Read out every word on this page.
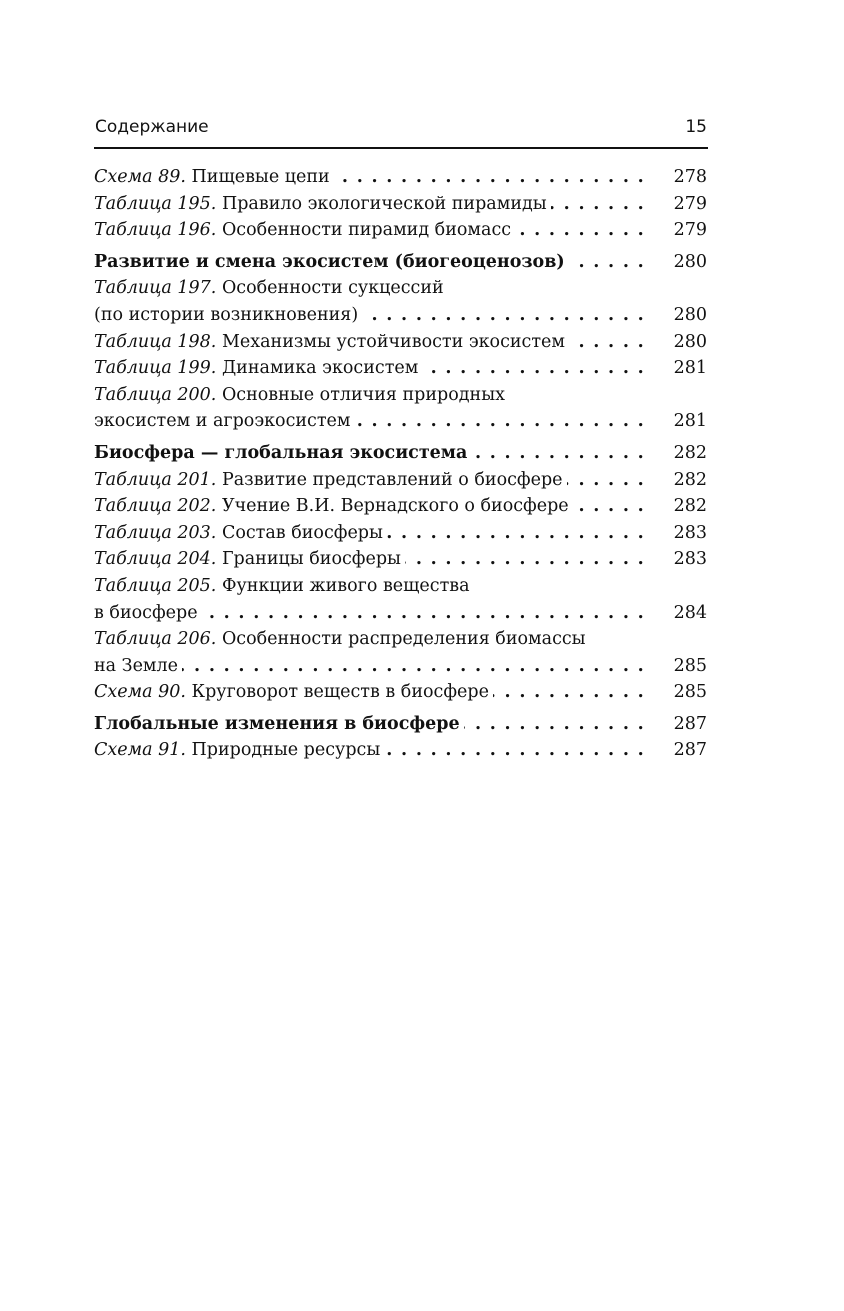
Содержание	15
Схема 89. Пищевые цепи . . .	278
Таблица 195. Правило экологической пирамиды . . .	279
Таблица 196. Особенности пирамид биомасс . . .	279
Развитие и смена экосистем (биогеоценозов) . . .	280
Таблица 197. Особенности сукцессий
(по истории возникновения) . . .	280
Таблица 198. Механизмы устойчивости экосистем . . .	280
Таблица 199. Динамика экосистем . . .	281
Таблица 200. Основные отличия природных
экосистем и агроэкосистем . . .	281
Биосфера — глобальная экосистема . . .	282
Таблица 201. Развитие представлений о биосфере . . .	282
Таблица 202. Учение В.И. Вернадского о биосфере . . .	282
Таблица 203. Состав биосферы . . .	283
Таблица 204. Границы биосферы . . .	283
Таблица 205. Функции живого вещества
в биосфере . . .	284
Таблица 206. Особенности распределения биомассы
на Земле . . .	285
Схема 90. Круговорот веществ в биосфере . . .	285
Глобальные изменения в биосфере . . .	287
Схема 91. Природные ресурсы . . .	287
